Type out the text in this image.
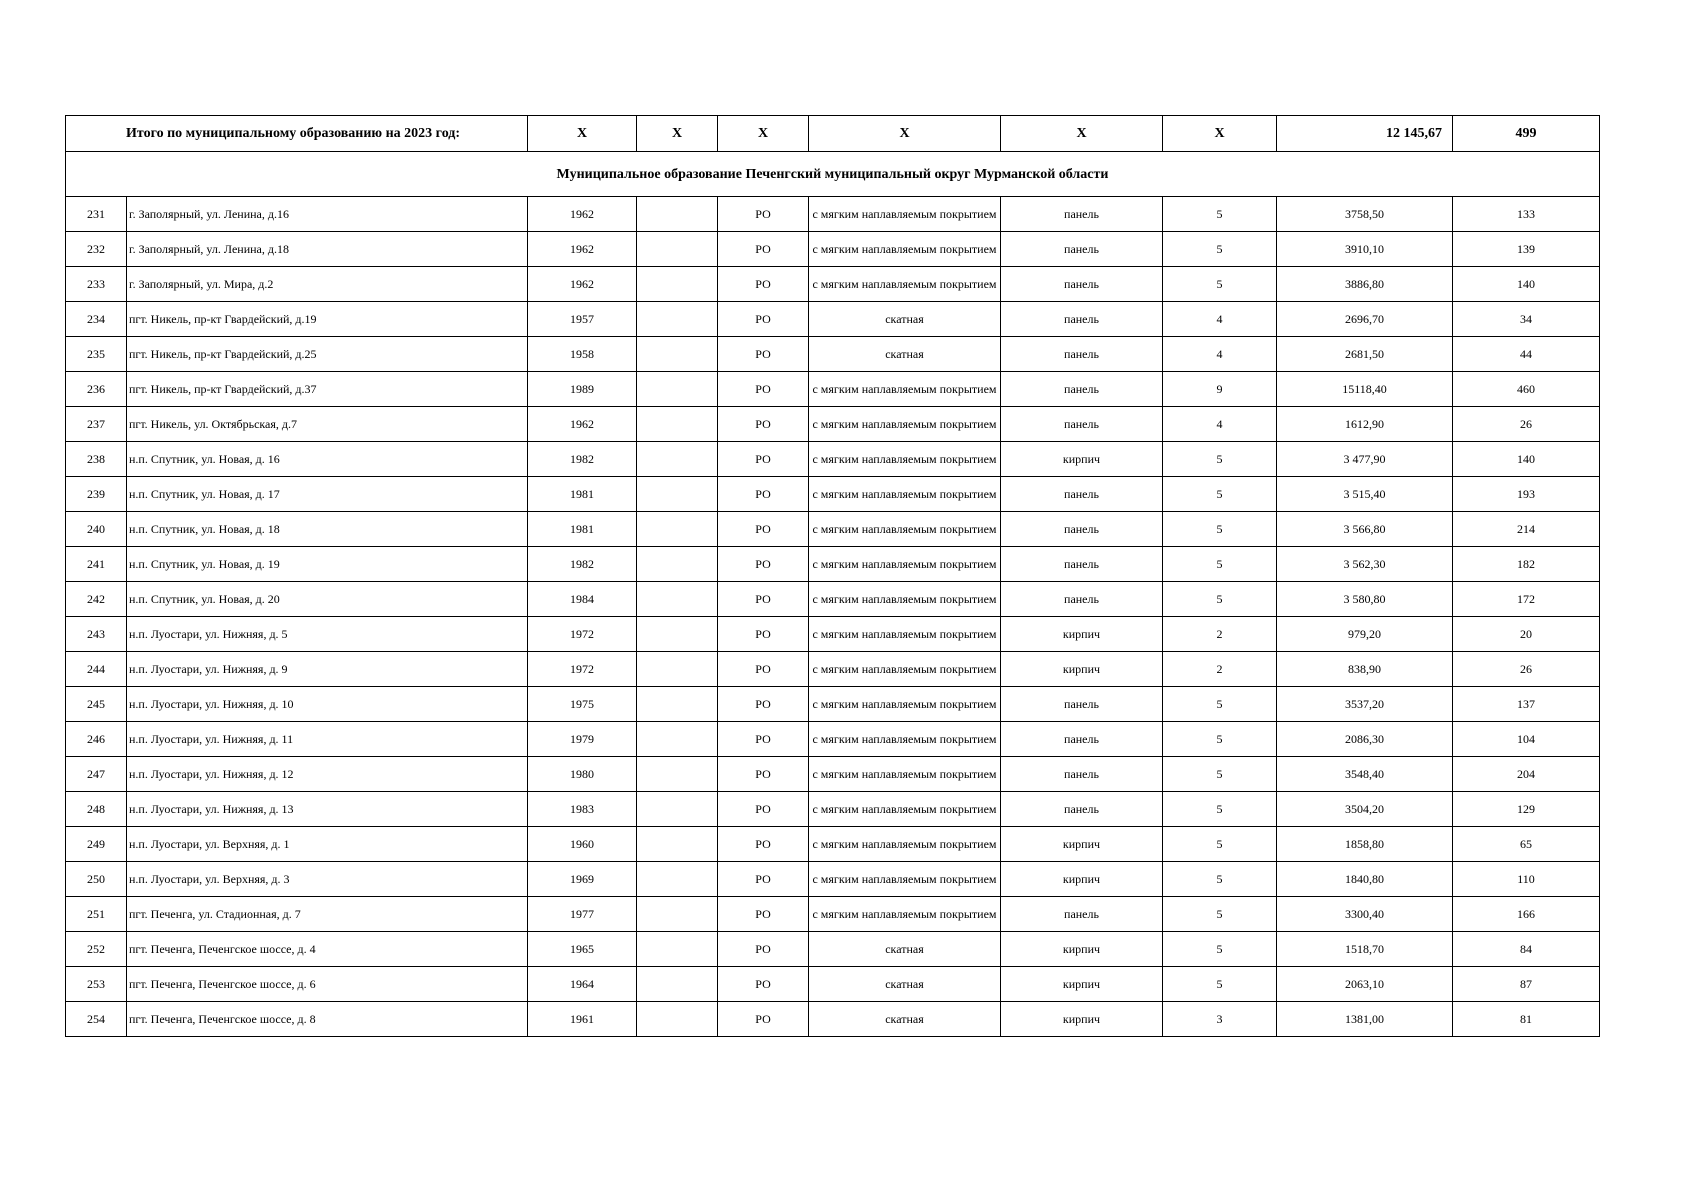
Итого по муниципальному образованию на 2023 год:		Х	Х	Х	Х	Х	Х	12 145,67	499
Муниципальное образование Печенгский муниципальный округ Мурманской области									
231	г. Заполярный, ул. Ленина, д.16	1962		РО	с мягким наплавляемым покрытием	панель	5	3758,50	133
232	г. Заполярный, ул. Ленина, д.18	1962		РО	с мягким наплавляемым покрытием	панель	5	3910,10	139
233	г. Заполярный, ул. Мира, д.2	1962		РО	с мягким наплавляемым покрытием	панель	5	3886,80	140
234	пгт. Никель, пр-кт Гвардейский, д.19	1957		РО	скатная	панель	4	2696,70	34
235	пгт. Никель, пр-кт Гвардейский, д.25	1958		РО	скатная	панель	4	2681,50	44
236	пгт. Никель, пр-кт Гвардейский, д.37	1989		РО	с мягким наплавляемым покрытием	панель	9	15118,40	460
237	пгт. Никель, ул. Октябрьская, д.7	1962		РО	с мягким наплавляемым покрытием	панель	4	1612,90	26
238	н.п. Спутник, ул. Новая, д. 16	1982		РО	с мягким наплавляемым покрытием	кирпич	5	3 477,90	140
239	н.п. Спутник, ул. Новая, д. 17	1981		РО	с мягким наплавляемым покрытием	панель	5	3 515,40	193
240	н.п. Спутник, ул. Новая, д. 18	1981		РО	с мягким наплавляемым покрытием	панель	5	3 566,80	214
241	н.п. Спутник, ул. Новая, д. 19	1982		РО	с мягким наплавляемым покрытием	панель	5	3 562,30	182
242	н.п. Спутник, ул. Новая, д. 20	1984		РО	с мягким наплавляемым покрытием	панель	5	3 580,80	172
243	н.п. Луостари, ул. Нижняя, д. 5	1972		РО	с мягким наплавляемым покрытием	кирпич	2	979,20	20
244	н.п. Луостари, ул. Нижняя, д. 9	1972		РО	с мягким наплавляемым покрытием	кирпич	2	838,90	26
245	н.п. Луостари, ул. Нижняя, д. 10	1975		РО	с мягким наплавляемым покрытием	панель	5	3537,20	137
246	н.п. Луостари, ул. Нижняя, д. 11	1979		РО	с мягким наплавляемым покрытием	панель	5	2086,30	104
247	н.п. Луостари, ул. Нижняя, д. 12	1980		РО	с мягким наплавляемым покрытием	панель	5	3548,40	204
248	н.п. Луостари, ул. Нижняя, д. 13	1983		РО	с мягким наплавляемым покрытием	панель	5	3504,20	129
249	н.п. Луостари, ул. Верхняя, д. 1	1960		РО	с мягким наплавляемым покрытием	кирпич	5	1858,80	65
250	н.п. Луостари, ул. Верхняя, д. 3	1969		РО	с мягким наплавляемым покрытием	кирпич	5	1840,80	110
251	пгт. Печенга, ул. Стадионная, д. 7	1977		РО	с мягким наплавляемым покрытием	панель	5	3300,40	166
252	пгт. Печенга, Печенгское шоссе, д. 4	1965		РО	скатная	кирпич	5	1518,70	84
253	пгт. Печенга, Печенгское шоссе, д. 6	1964		РО	скатная	кирпич	5	2063,10	87
254	пгт. Печенга, Печенгское шоссе, д. 8	1961		РО	скатная	кирпич	3	1381,00	81
